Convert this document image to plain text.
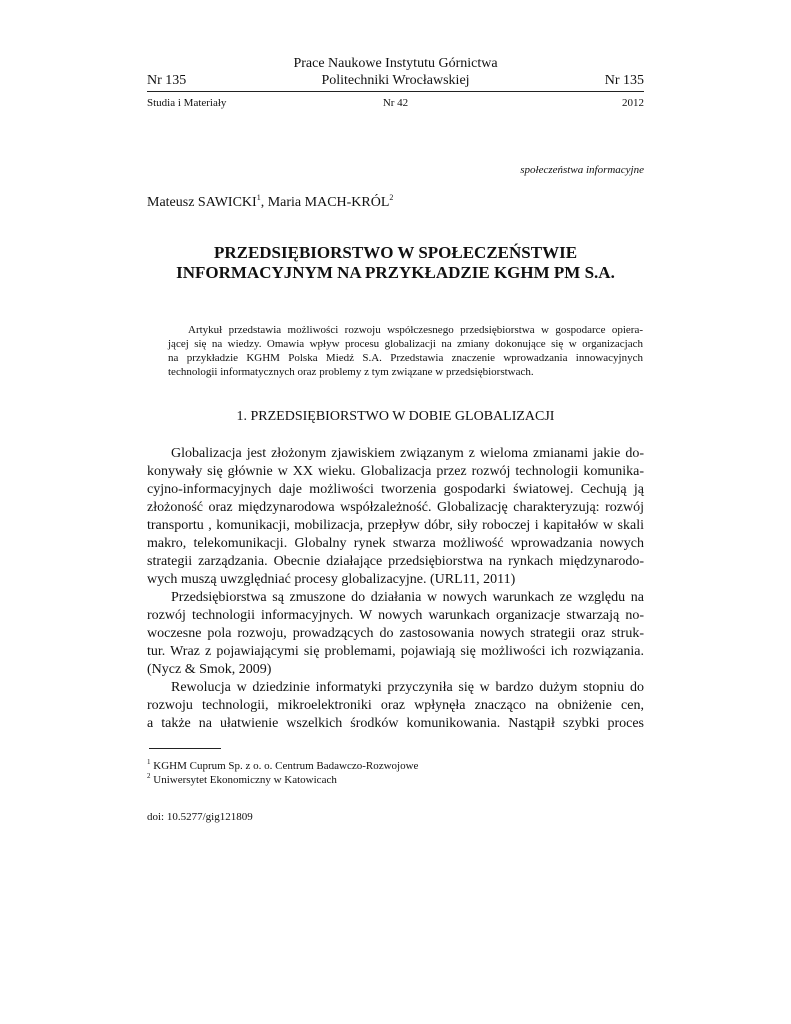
Prace Naukowe Instytutu Górnictwa
Politechniki Wrocławskiej
Nr 135	Nr 135
Studia i Materiały	Nr 42	2012
społeczeństwa informacyjne
Mateusz SAWICKI$^1$, Maria MACH-KRÓL$^2$
PRZEDSIĘBIORSTWO W SPOŁECZEŃSTWIE
INFORMACYJNYM NA PRZYKŁADZIE KGHM PM S.A.
Artykuł przedstawia możliwości rozwoju współczesnego przedsiębiorstwa w gospodarce opiera-
jącej się na wiedzy. Omawia wpływ procesu globalizacji na zmiany dokonujące się w organizacjach
na przykładzie KGHM Polska Miedź S.A. Przedstawia znaczenie wprowadzania innowacyjnych
technologii informatycznych oraz problemy z tym związane w przedsiębiorstwach.
1. PRZEDSIĘBIORSTWO W DOBIE GLOBALIZACJI
Globalizacja jest złożonym zjawiskiem związanym z wieloma zmianami jakie do-
konywały się głównie w XX wieku. Globalizacja przez rozwój technologii komunika-
cyjno-informacyjnych daje możliwości tworzenia gospodarki światowej. Cechują ją
złożoność oraz międzynarodowa współzależność. Globalizację charakteryzują: rozwój
transportu , komunikacji, mobilizacja, przepływ dóbr, siły roboczej i kapitałów w skali
makro, telekomunikacji. Globalny rynek stwarza możliwość wprowadzania nowych
strategii zarządzania. Obecnie działające przedsiębiorstwa na rynkach międzynarodo-
wych muszą uwzględniać procesy globalizacyjne. (URL11, 2011)
Przedsiębiorstwa są zmuszone do działania w nowych warunkach ze względu na
rozwój technologii informacyjnych. W nowych warunkach organizacje stwarzają no-
woczesne pola rozwoju, prowadzących do zastosowania nowych strategii oraz struk-
tur. Wraz z pojawiającymi się problemami, pojawiają się możliwości ich rozwiązania.
(Nycz & Smok, 2009)
Rewolucja w dziedzinie informatyki przyczyniła się w bardzo dużym stopniu do
rozwoju technologii, mikroelektroniki oraz wpłynęła znacząco na obniżenie cen,
a także na ułatwienie wszelkich środków komunikowania. Nastąpił szybki proces
$^1$ KGHM Cuprum Sp. z o. o. Centrum Badawczo-Rozwojowe
$^2$ Uniwersytet Ekonomiczny w Katowicach
doi: 10.5277/gig121809
